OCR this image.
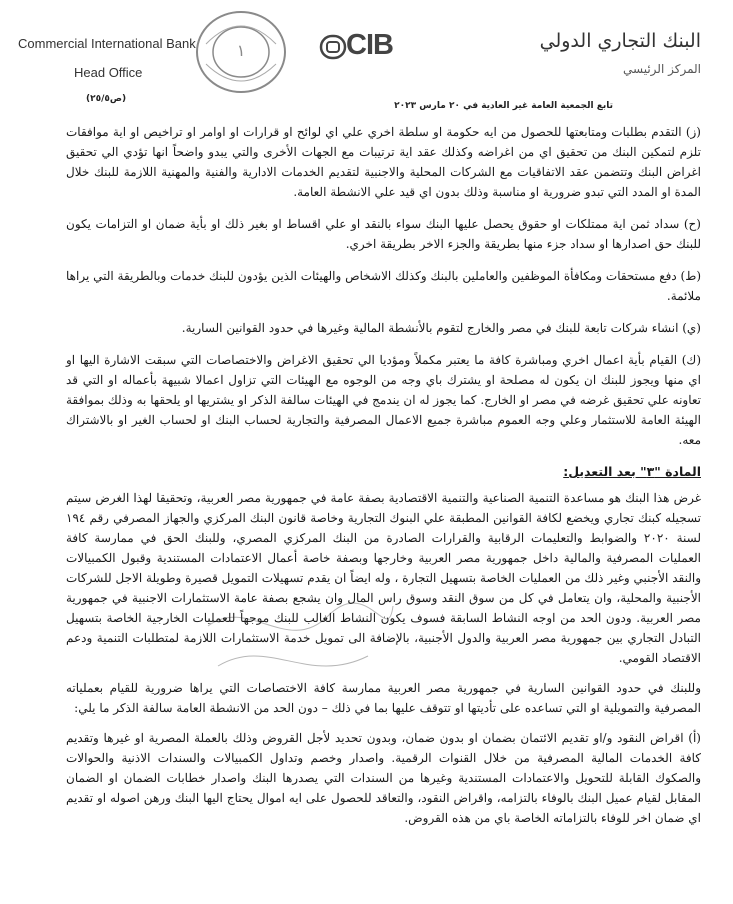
Commercial International Bank
Head Office
١	CIB	البنك التجاري الدولي
المركز الرئيسي
(ص٢٥/٥)
تابع الجمعية العامة غير العادية في ٢٠ مارس ٢٠٢٣

(ز) التقدم بطلبات ومتابعتها للحصول من ايه حكومة او سلطة اخري علي اي لوائح او قرارات او اوامر او تراخيص او اية موافقات تلزم لتمكين البنك من تحقيق اي من اغراضه وكذلك عقد اية ترتيبات مع الجهات الأخرى والتي يبدو واضحاً انها تؤدي الي تحقيق اغراض البنك وتتضمن عقد الاتفاقيات مع الشركات المحلية والاجنبية لتقديم الخدمات الادارية والفنية والمهنية اللازمة للبنك خلال المدة او المدد التي تبدو ضرورية او مناسبة وذلك بدون اي قيد علي الانشطة العامة.

(ح) سداد ثمن اية ممتلكات او حقوق يحصل عليها البنك سواء بالنقد او علي اقساط او بغير ذلك او بأية ضمان او التزامات يكون للبنك حق اصدارها او سداد جزء منها بطريقة والجزء الاخر بطريقة اخري.

(ط) دفع مستحقات ومكافأة الموظفين والعاملين بالبنك وكذلك الاشخاص والهيئات الذين يؤدون للبنك خدمات وبالطريقة التي يراها ملائمة.

(ي) انشاء شركات تابعة للبنك في مصر والخارج لتقوم بالأنشطة المالية وغيرها في حدود القوانين السارية.

(ك) القيام بأية اعمال اخري ومباشرة كافة ما يعتبر مكملاً ومؤديا الي تحقيق الاغراض والاختصاصات التي سبقت الاشارة اليها او اي منها ويجوز للبنك ان يكون له مصلحة او يشترك باي وجه من الوجوه مع الهيئات التي تزاول اعمالا شبيهة بأعماله او التي قد تعاونه علي تحقيق غرضه في مصر او الخارج. كما يجوز له ان يندمج في الهيئات سالفة الذكر او يشتريها او يلحقها به وذلك بموافقة الهيئة العامة للاستثمار وعلي وجه العموم مباشرة جميع الاعمال المصرفية والتجارية لحساب البنك او لحساب الغير او بالاشتراك معه.

المادة "٣" بعد التعديل:

غرض هذا البنك هو مساعدة التنمية الصناعية والتنمية الاقتصادية بصفة عامة في جمهورية مصر العربية، وتحقيقا لهذا الغرض سيتم تسجيله كبنك تجاري ويخضع لكافة القوانين المطبقة علي البنوك التجارية وخاصة قانون البنك المركزي والجهاز المصرفي رقم ١٩٤ لسنة ٢٠٢٠ والضوابط والتعليمات الرقابية والقرارات الصادرة من البنك المركزي المصري، وللبنك الحق في ممارسة كافة العمليات المصرفية والمالية داخل جمهورية مصر العربية وخارجها وبصفة خاصة أعمال الاعتمادات المستندية وقبول الكمبيالات والنقد الأجنبي وغير ذلك من العمليات الخاصة بتسهيل التجارة ، وله ايضاً ان يقدم تسهيلات التمويل قصيرة وطويلة الاجل للشركات الأجنبية والمحلية، وان يتعامل في كل من سوق النقد وسوق راس المال وان يشجع بصفة عامة الاستثمارات الاجنبية في جمهورية مصر العربية. ودون الحد من اوجه النشاط السابقة فسوف يكون النشاط الغالب للبنك موجهاً للعمليات الخارجية الخاصة بتسهيل التبادل التجاري بين جمهورية مصر العربية والدول الأجنبية، بالإضافة الى تمويل خدمة الاستثمارات اللازمة لمتطلبات التنمية ودعم الاقتصاد القومي.

وللبنك في حدود القوانين السارية في جمهورية مصر العربية ممارسة كافة الاختصاصات التي يراها ضرورية للقيام بعملياته المصرفية والتمويلية او التي تساعده على تأديتها او تتوقف عليها بما في ذلك – دون الحد من الانشطة العامة سالفة الذكر ما يلي:

(أ) اقراض النقود و/او تقديم الائتمان بضمان او بدون ضمان، وبدون تحديد لأجل القروض وذلك بالعملة المصرية او غيرها وتقديم كافة الخدمات المالية المصرفية من خلال القنوات الرقمية. واصدار وخصم وتداول الكمبيالات والسندات الاذنية والحوالات والصكوك القابلة للتحويل والاعتمادات المستندية وغيرها من السندات التي يصدرها البنك واصدار خطابات الضمان او الضمان المقابل لقيام عميل البنك بالوفاء بالتزامه، واقراض النقود، والتعاقد للحصول على ايه اموال يحتاج اليها البنك ورهن اصوله او تقديم اي ضمان اخر للوفاء بالتزاماته الخاصة باي من هذه القروض.
